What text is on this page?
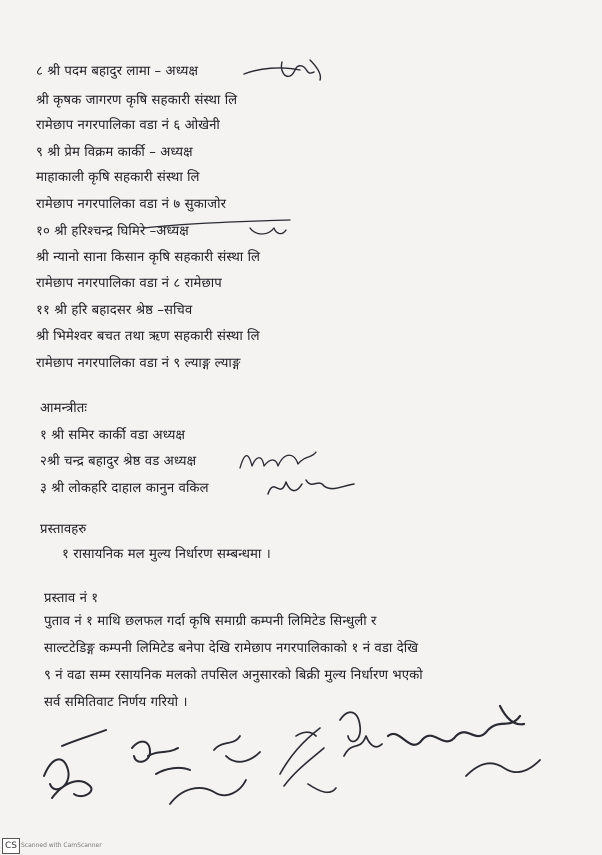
८ श्री पदम बहादुर लामा – अध्यक्ष
श्री कृषक जागरण कृषि सहकारी संस्था लि
रामेछाप नगरपालिका वडा नं ६ ओखेनी
९ श्री प्रेम विक्रम कार्की – अध्यक्ष
माहाकाली कृषि सहकारी संस्था लि
रामेछाप नगरपालिका वडा नं ७ सुकाजोर
१० श्री हरिश्चन्द्र घिमिरे –अध्यक्ष
श्री न्यानो साना किसान कृषि सहकारी संस्था लि
रामेछाप नगरपालिका वडा नं ८ रामेछाप
११ श्री हरि बहादसर श्रेष्ठ –सचिव
श्री भिमेश्वर बचत तथा ऋण सहकारी संस्था लि
रामेछाप नगरपालिका वडा नं ९ ल्याङ्ग ल्याङ्ग
आमन्त्रीतः
१ श्री समिर कार्की वडा अध्यक्ष
२श्री चन्द्र बहादुर श्रेष्ठ वड अध्यक्ष
३ श्री लोकहरि दाहाल कानुन वकिल
प्रस्तावहरु
१ रासायनिक मल मुल्य निर्धारण सम्बन्धमा ।
प्रस्ताव नं १
पुताव नं १ माथि छलफल गर्दा कृषि समाग्री कम्पनी लिमिटेड सिन्धुली र
साल्टटेडिङ्ग कम्पनी लिमिटेड बनेपा देखि रामेछाप नगरपालिकाको १ नं वडा देखि
९ नं वढा सम्म रसायनिक मलको तपसिल अनुसारको बिक्री मुल्य निर्धारण भएको
सर्व समितिवाट निर्णय गरियो ।
CS Scanned with CamScanner
